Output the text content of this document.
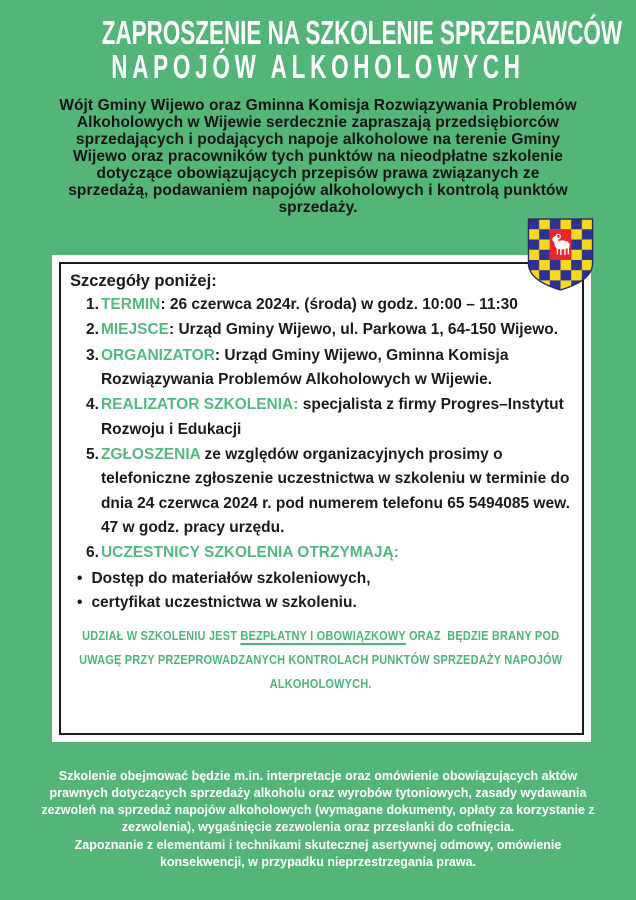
ZAPROSZENIE NA SZKOLENIE SPRZEDAWCÓW
NAPOJÓW ALKOHOLOWYCH

Wójt Gminy Wijewo oraz Gminna Komisja Rozwiązywania Problemów Alkoholowych w Wijewie serdecznie zapraszają przedsiębiorców sprzedających i podających napoje alkoholowe na terenie Gminy Wijewo oraz pracowników tych punktów na nieodpłatne szkolenie dotyczące obowiązujących przepisów prawa związanych ze sprzedażą, podawaniem napojów alkoholowych i kontrolą punktów sprzedaży.

Szczegóły poniżej:
1. TERMIN: 26 czerwca 2024r. (środa) w godz. 10:00 – 11:30
2. MIEJSCE: Urząd Gminy Wijewo, ul. Parkowa 1, 64-150 Wijewo.
3. ORGANIZATOR: Urząd Gminy Wijewo, Gminna Komisja Rozwiązywania Problemów Alkoholowych w Wijewie.
4. REALIZATOR SZKOLENIA: specjalista z firmy Progres–Instytut Rozwoju i Edukacji
5. ZGŁOSZENIA ze względów organizacyjnych prosimy o telefoniczne zgłoszenie uczestnictwa w szkoleniu w terminie do dnia 24 czerwca 2024 r. pod numerem telefonu 65 5494085 wew. 47 w godz. pracy urzędu.
6. UCZESTNICY SZKOLENIA OTRZYMAJĄ:
• Dostęp do materiałów szkoleniowych,
• certyfikat uczestnictwa w szkoleniu.
UDZIAŁ W SZKOLENIU JEST BEZPŁATNY I OBOWIĄZKOWY ORAZ  BĘDZIE BRANY POD UWAGĘ PRZY PRZEPROWADZANYCH KONTROLACH PUNKTÓW SPRZEDAŻY NAPOJÓW ALKOHOLOWYCH.

Szkolenie obejmować będzie m.in. interpretacje oraz omówienie obowiązujących aktów prawnych dotyczących sprzedaży alkoholu oraz wyrobów tytoniowych, zasady wydawania zezwoleń na sprzedaż napojów alkoholowych (wymagane dokumenty, opłaty za korzystanie z zezwolenia), wygaśnięcie zezwolenia oraz przesłanki do cofnięcia.

Zapoznanie z elementami i technikami skutecznej asertywnej odmowy, omówienie konsekwencji, w przypadku nieprzestrzegania prawa.
